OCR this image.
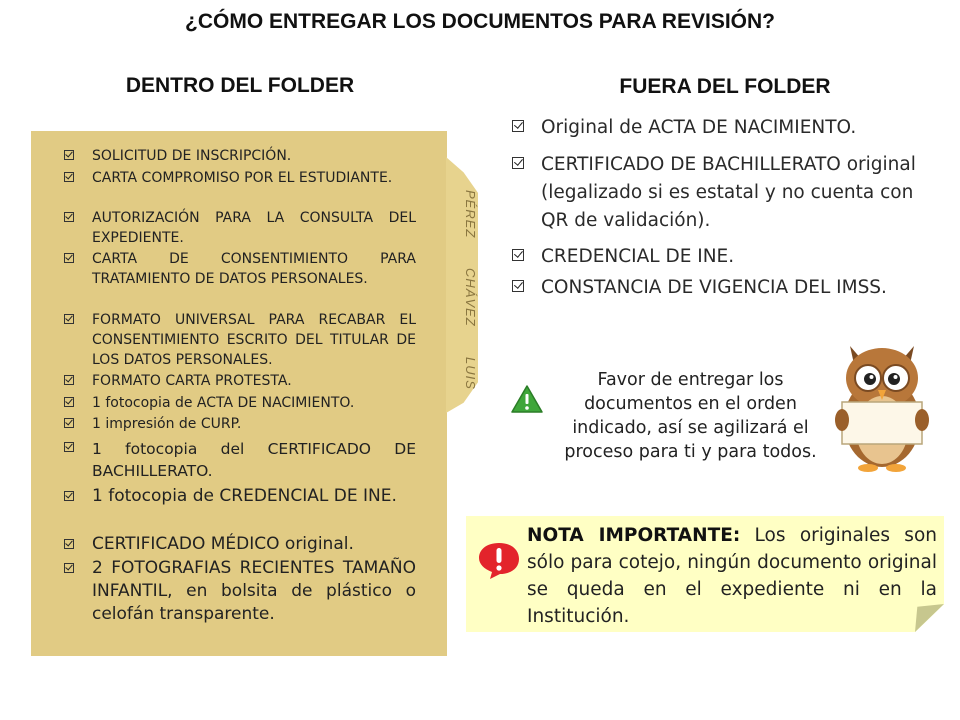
¿CÓMO ENTREGAR LOS DOCUMENTOS PARA REVISIÓN?
DENTRO DEL FOLDER	FUERA DEL FOLDER
PÉREZ
CHÁVEZ
LUIS
SOLICITUD DE INSCRIPCIÓN.
CARTA COMPROMISO POR EL ESTUDIANTE.
AUTORIZACIÓN PARA LA CONSULTA DEL EXPEDIENTE.
CARTA DE CONSENTIMIENTO PARA TRATAMIENTO DE DATOS PERSONALES.
FORMATO UNIVERSAL PARA RECABAR EL CONSENTIMIENTO ESCRITO DEL TITULAR DE LOS DATOS PERSONALES.
FORMATO CARTA PROTESTA.
1 fotocopia de ACTA DE NACIMIENTO.
1 impresión de CURP.
1 fotocopia del CERTIFICADO DE BACHILLERATO.
1 fotocopia de CREDENCIAL DE INE.
CERTIFICADO MÉDICO original.
2 FOTOGRAFIAS RECIENTES TAMAÑO INFANTIL, en bolsita de plástico o celofán transparente.
Original de ACTA DE NACIMIENTO.
CERTIFICADO DE BACHILLERATO original (legalizado si es estatal y no cuenta con QR de validación).
CREDENCIAL DE INE.
CONSTANCIA DE VIGENCIA DEL IMSS.
Favor de entregar los documentos en el orden indicado, así se agilizará el proceso para ti y para todos.
NOTA IMPORTANTE: Los originales son sólo para cotejo, ningún documento original se queda en el expediente ni en la Institución.
